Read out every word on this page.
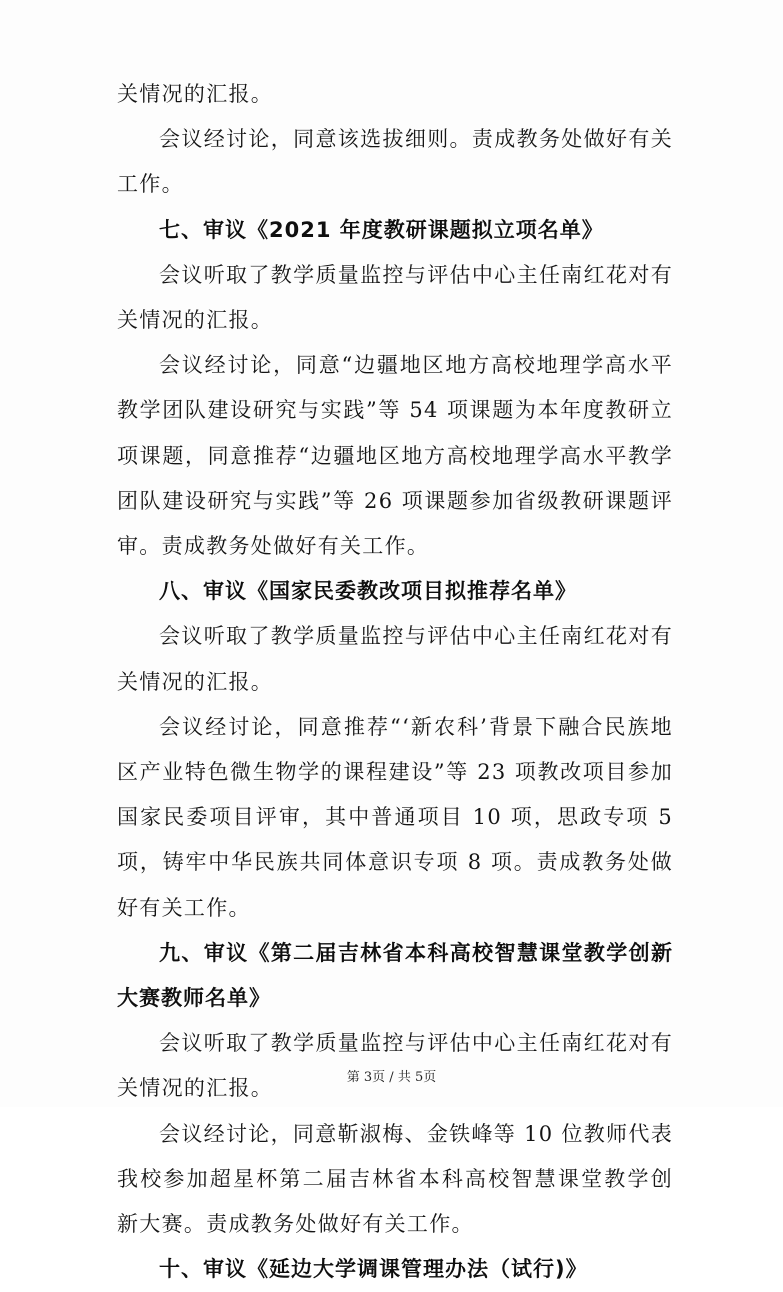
关情况的汇报。

会议经讨论，同意该选拔细则。责成教务处做好有关工作。

七、审议《2021 年度教研课题拟立项名单》

会议听取了教学质量监控与评估中心主任南红花对有关情况的汇报。

会议经讨论，同意“边疆地区地方高校地理学高水平教学团队建设研究与实践”等 54 项课题为本年度教研立项课题，同意推荐“边疆地区地方高校地理学高水平教学团队建设研究与实践”等 26 项课题参加省级教研课题评审。责成教务处做好有关工作。

八、审议《国家民委教改项目拟推荐名单》

会议听取了教学质量监控与评估中心主任南红花对有关情况的汇报。

会议经讨论，同意推荐“‘新农科’背景下融合民族地区产业特色微生物学的课程建设”等 23 项教改项目参加国家民委项目评审，其中普通项目 10 项，思政专项 5 项，铸牢中华民族共同体意识专项 8 项。责成教务处做好有关工作。

九、审议《第二届吉林省本科高校智慧课堂教学创新大赛教师名单》

会议听取了教学质量监控与评估中心主任南红花对有关情况的汇报。

会议经讨论，同意靳淑梅、金铁峰等 10 位教师代表我校参加超星杯第二届吉林省本科高校智慧课堂教学创新大赛。责成教务处做好有关工作。

十、审议《延边大学调课管理办法（试行)》

第 3页 / 共 5页
